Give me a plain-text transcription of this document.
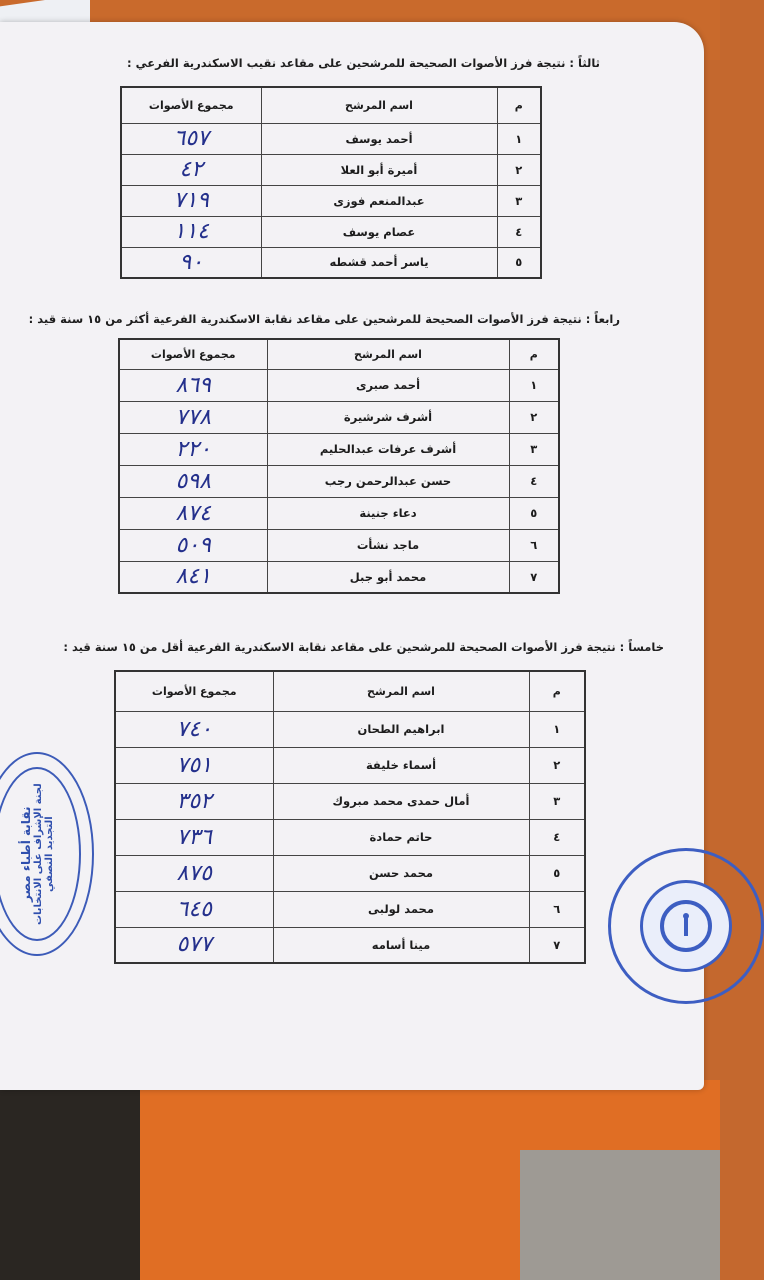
ثالثاً : نتيجة فرز الأصوات الصحيحة للمرشحين على مقاعد نقيب الاسكندرية الفرعي :
م	اسم المرشح	مجموع الأصوات
١	أحمد يوسف	٦٥٧
٢	أميرة أبو العلا	٤٢
٣	عبدالمنعم فوزى	٧١٩
٤	عصام يوسف	١١٤
٥	ياسر أحمد قشطه	٩٠
رابعاً : نتيجة فرز الأصوات الصحيحة للمرشحين على مقاعد نقابة الاسكندرية الفرعية أكثر من ١٥ سنة قيد :
م	اسم المرشح	مجموع الأصوات
١	أحمد صبرى	٨٦٩
٢	أشرف شرشيرة	٧٧٨
٣	أشرف عرفات عبدالحليم	٢٢٠
٤	حسن عبدالرحمن رجب	٥٩٨
٥	دعاء جنينة	٨٧٤
٦	ماجد نشأت	٥٠٩
٧	محمد أبو جبل	٨٤١
خامساً : نتيجة فرز الأصوات الصحيحة للمرشحين على مقاعد نقابة الاسكندرية الفرعية أقل من ١٥ سنة قيد :
م	اسم المرشح	مجموع الأصوات
١	ابراهيم الطحان	٧٤٠
٢	أسماء خليفة	٧٥١
٣	أمال حمدى محمد مبروك	٣٥٢
٤	حاتم حمادة	٧٣٦
٥	محمد حسن	٨٧٥
٦	محمد لولبى	٦٤٥
٧	مينا أسامه	٥٧٧
نقابة أطباء مصر لجنة الإشراف على الانتخابات التجديد النصفي
